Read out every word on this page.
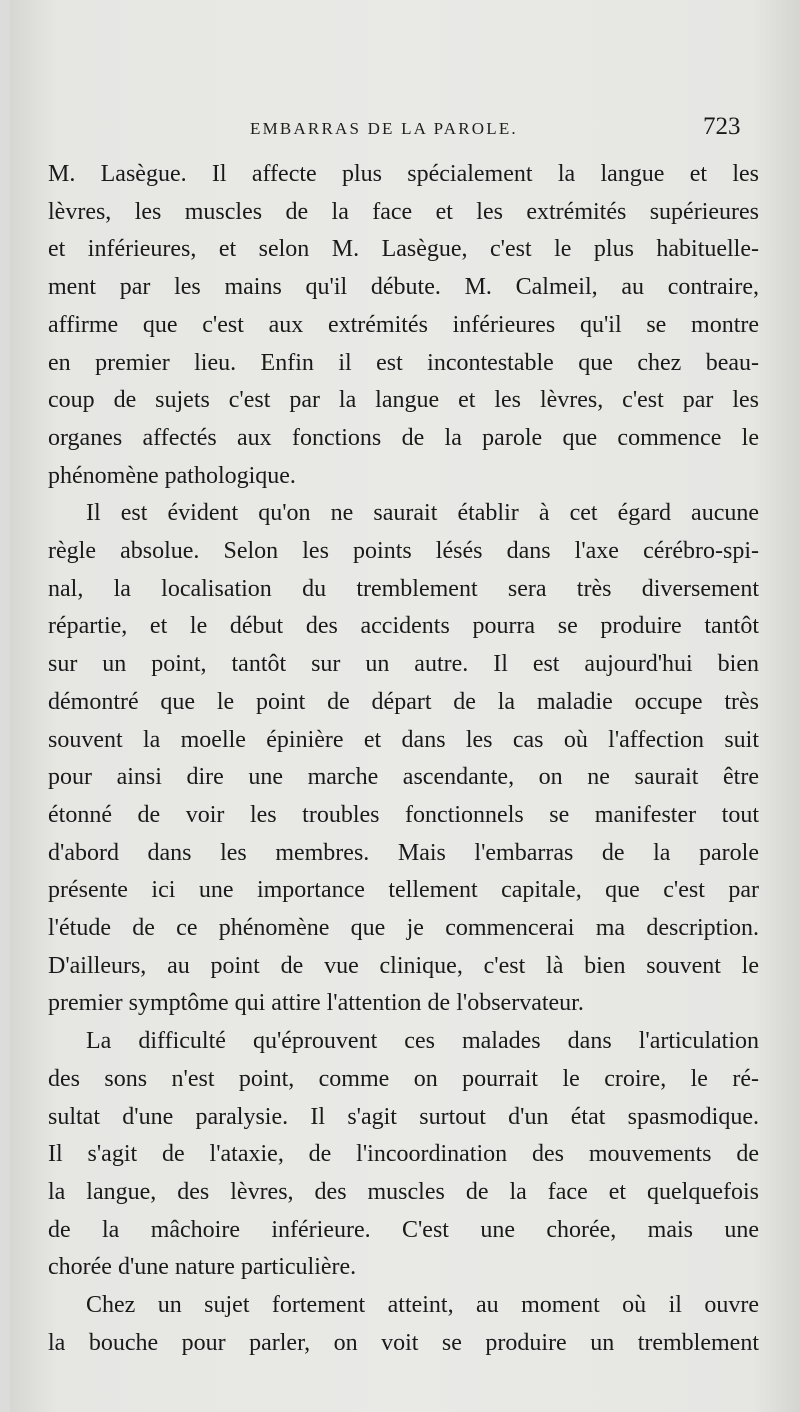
EMBARRAS DE LA PAROLE.	723
M. Lasègue. Il affecte plus spécialement la langue et les
lèvres, les muscles de la face et les extrémités supérieures
et inférieures, et selon M. Lasègue, c'est le plus habituelle-
ment par les mains qu'il débute. M. Calmeil, au contraire,
affirme que c'est aux extrémités inférieures qu'il se montre
en premier lieu. Enfin il est incontestable que chez beau-
coup de sujets c'est par la langue et les lèvres, c'est par les
organes affectés aux fonctions de la parole que commence le
phénomène pathologique.
Il est évident qu'on ne saurait établir à cet égard aucune
règle absolue. Selon les points lésés dans l'axe cérébro-spi-
nal, la localisation du tremblement sera très diversement
répartie, et le début des accidents pourra se produire tantôt
sur un point, tantôt sur un autre. Il est aujourd'hui bien
démontré que le point de départ de la maladie occupe très
souvent la moelle épinière et dans les cas où l'affection suit
pour ainsi dire une marche ascendante, on ne saurait être
étonné de voir les troubles fonctionnels se manifester tout
d'abord dans les membres. Mais l'embarras de la parole
présente ici une importance tellement capitale, que c'est par
l'étude de ce phénomène que je commencerai ma description.
D'ailleurs, au point de vue clinique, c'est là bien souvent le
premier symptôme qui attire l'attention de l'observateur.
La difficulté qu'éprouvent ces malades dans l'articulation
des sons n'est point, comme on pourrait le croire, le ré-
sultat d'une paralysie. Il s'agit surtout d'un état spasmodique.
Il s'agit de l'ataxie, de l'incoordination des mouvements de
la langue, des lèvres, des muscles de la face et quelquefois
de la mâchoire inférieure. C'est une chorée, mais une
chorée d'une nature particulière.
Chez un sujet fortement atteint, au moment où il ouvre
la bouche pour parler, on voit se produire un tremblement
